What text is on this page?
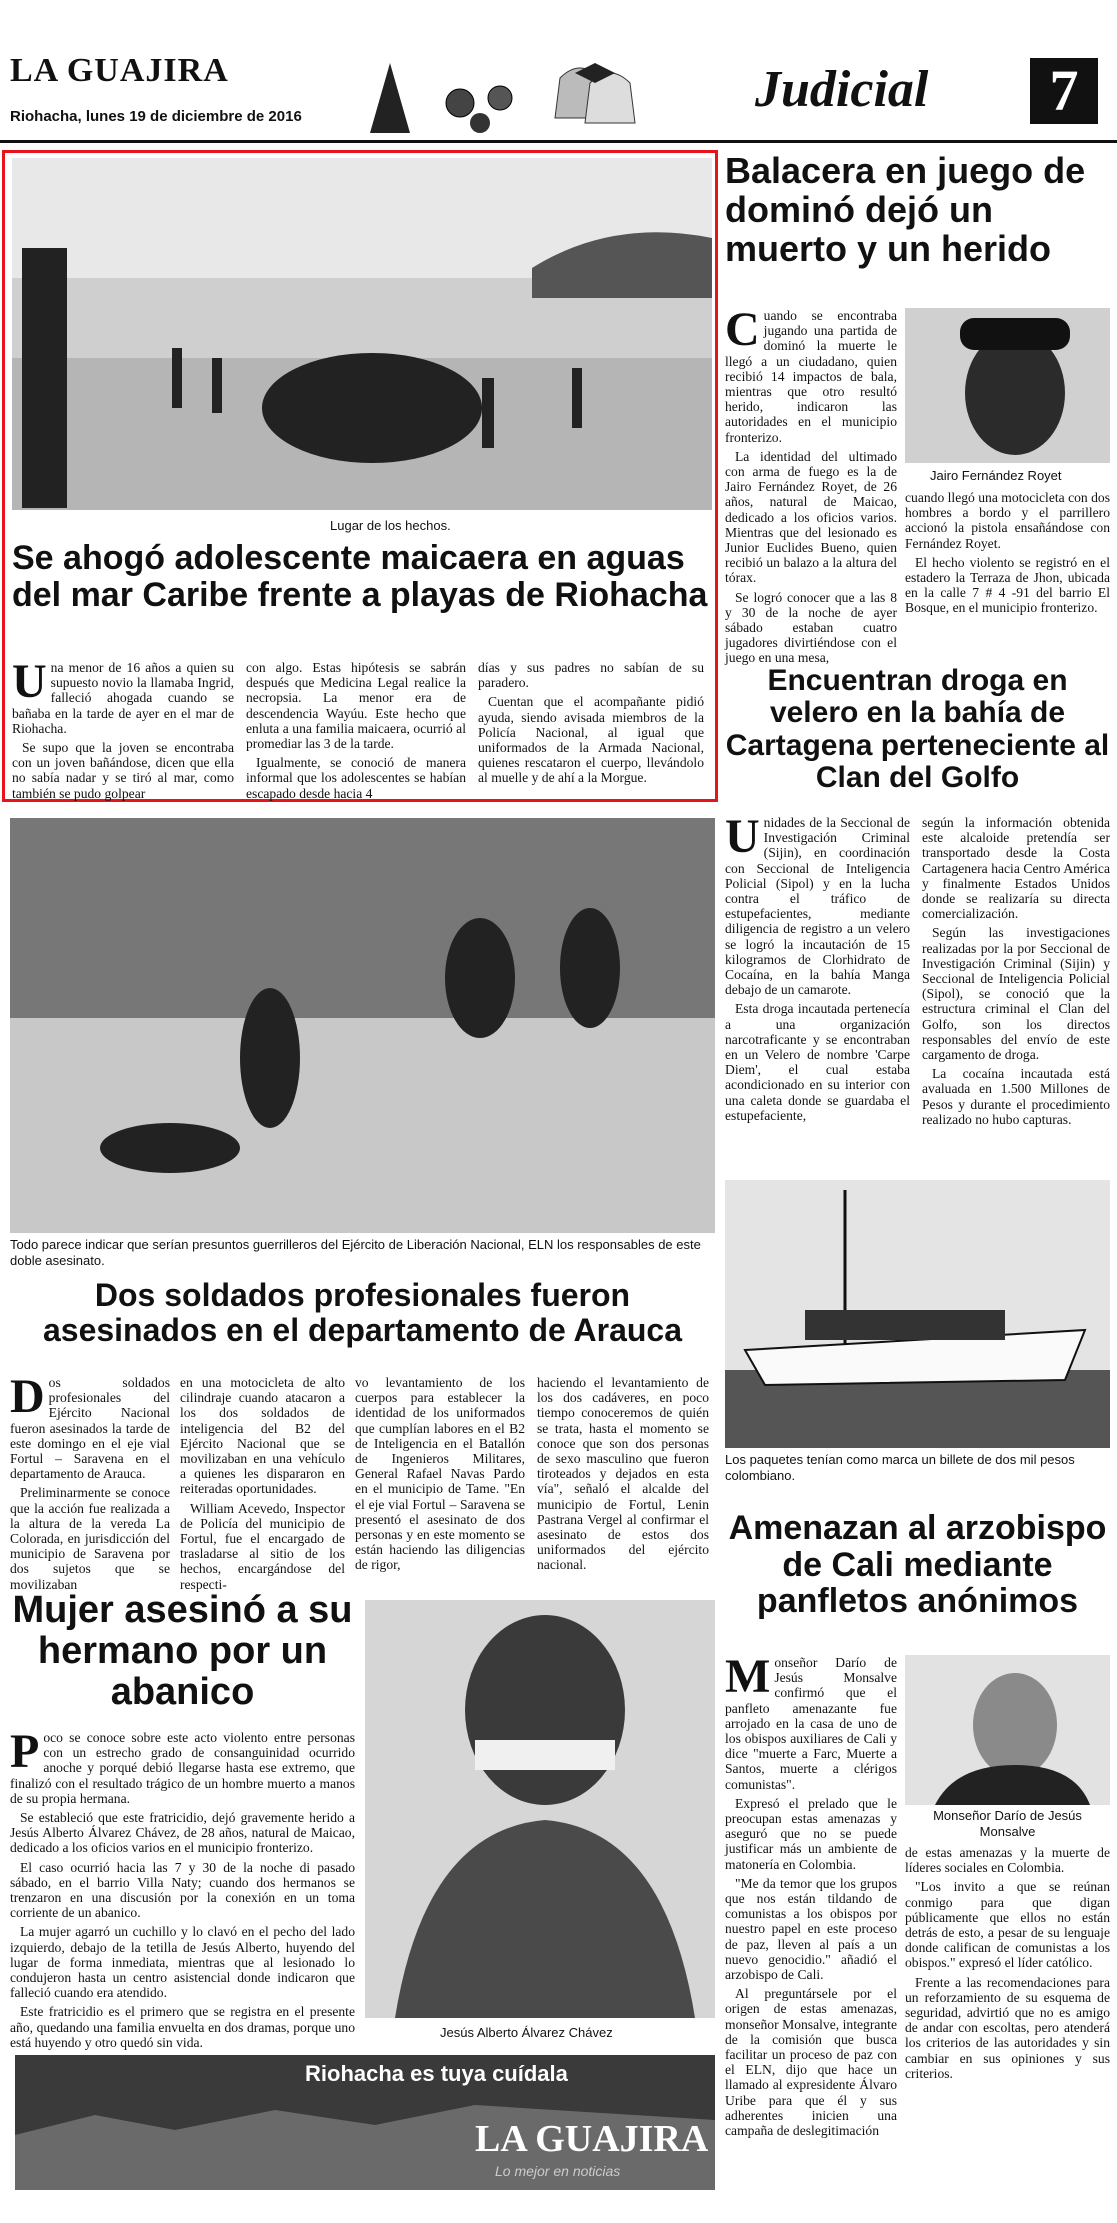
LA GUAJIRA
Riohacha, lunes 19 de diciembre de 2016	Judicial	7
Lugar de los hechos.
Se ahogó adolescente maicaera en aguas del mar Caribe frente a playas de Riohacha
U na menor de 16 años a quien su supuesto novio la llamaba Ingrid, falleció ahogada cuando se bañaba en la tarde de ayer en el mar de Riohacha.

Se supo que la joven se encontraba con un joven bañándose, dicen que ella no sabía nadar y se tiró al mar, como también se pudo golpear

con algo. Estas hipótesis se sabrán después que Medicina Legal realice la necropsia. La menor era de descendencia Wayúu. Este hecho que enluta a una familia maicaera, ocurrió al promediar las 3 de la tarde.

Igualmente, se conoció de manera informal que los adolescentes se habían escapado desde hacia 4

días y sus padres no sabían de su paradero.

Cuentan que el acompañante pidió ayuda, siendo avisada miembros de la Policía Nacional, al igual que uniformados de la Armada Nacional, quienes rescataron el cuerpo, llevándolo al muelle y de ahí a la Morgue.

Balacera en juego de dominó dejó un muerto y un herido
C uando se encontraba jugando una partida de dominó la muerte le llegó a un ciudadano, quien recibió 14 impactos de bala, mientras que otro resultó herido, indicaron las autoridades en el municipio fronterizo.

La identidad del ultimado con arma de fuego es la de Jairo Fernández Royet, de 26 años, natural de Maicao, dedicado a los oficios varios. Mientras que del lesionado es Junior Euclides Bueno, quien recibió un balazo a la altura del tórax.

Se logró conocer que a las 8 y 30 de la noche de ayer sábado estaban cuatro jugadores divirtiéndose con el juego en una mesa,

Jairo Fernández Royet

cuando llegó una motocicleta con dos hombres a bordo y el parrillero accionó la pistola ensañándose con Fernández Royet.

El hecho violento se registró en el estadero la Terraza de Jhon, ubicada en la calle 7 # 4 -91 del barrio El Bosque, en el municipio fronterizo.

Encuentran droga en velero en la bahía de Cartagena perteneciente al Clan del Golfo
U nidades de la Seccional de Investigación Criminal (Sijin), en coordinación con Seccional de Inteligencia Policial (Sipol) y en la lucha contra el tráfico de estupefacientes, mediante diligencia de registro a un velero se logró la incautación de 15 kilogramos de Clorhidrato de Cocaína, en la bahía Manga debajo de un camarote.

Esta droga incautada pertenecía a una organización narcotraficante y se encontraban en un Velero de nombre 'Carpe Diem', el cual estaba acondicionado en su interior con una caleta donde se guardaba el estupefaciente,

según la información obtenida este alcaloide pretendía ser transportado desde la Costa Cartagenera hacia Centro América y finalmente Estados Unidos donde se realizaría su directa comercialización.

Según las investigaciones realizadas por la por Seccional de Investigación Criminal (Sijin) y Seccional de Inteligencia Policial (Sipol), se conoció que la estructura criminal el Clan del Golfo, son los directos responsables del envío de este cargamento de droga.

La cocaína incautada está avaluada en 1.500 Millones de Pesos y durante el procedimiento realizado no hubo capturas.

Los paquetes tenían como marca un billete de dos mil pesos colombiano.
Todo parece indicar que serían presuntos guerrilleros del Ejército de Liberación Nacional, ELN los responsables de este doble asesinato.
Dos soldados profesionales fueron asesinados en el departamento de Arauca
D os soldados profesionales del Ejército Nacional fueron asesinados la tarde de este domingo en el eje vial Fortul – Saravena en el departamento de Arauca.

Preliminarmente se conoce que la acción fue realizada a la altura de la vereda La Colorada, en jurisdicción del municipio de Saravena por dos sujetos que se movilizaban

en una motocicleta de alto cilindraje cuando atacaron a los dos soldados de inteligencia del B2 del Ejército Nacional que se movilizaban en una vehículo a quienes les dispararon en reiteradas oportunidades.

William Acevedo, Inspector de Policía del municipio de Fortul, fue el encargado de trasladarse al sitio de los hechos, encargándose del respecti-

vo levantamiento de los cuerpos para establecer la identidad de los uniformados que cumplían labores en el B2 de Inteligencia en el Batallón de Ingenieros Militares, General Rafael Navas Pardo en el municipio de Tame. "En el eje vial Fortul – Saravena se presentó el asesinato de dos personas y en este momento se están haciendo las diligencias de rigor,

haciendo el levantamiento de los dos cadáveres, en poco tiempo conoceremos de quién se trata, hasta el momento se conoce que son dos personas de sexo masculino que fueron tiroteados y dejados en esta vía", señaló el alcalde del municipio de Fortul, Lenin Pastrana Vergel al confirmar el asesinato de estos dos uniformados del ejército nacional.

Mujer asesinó a su hermano por un abanico
P oco se conoce sobre este acto violento entre personas con un estrecho grado de consanguinidad ocurrido anoche y porqué debió llegarse hasta ese extremo, que finalizó con el resultado trágico de un hombre muerto a manos de su propia hermana.

Se estableció que este fratricidio, dejó gravemente herido a Jesús Alberto Álvarez Chávez, de 28 años, natural de Maicao, dedicado a los oficios varios en el municipio fronterizo.

El caso ocurrió hacia las 7 y 30 de la noche di pasado sábado, en el barrio Villa Naty; cuando dos hermanos se trenzaron en una discusión por la conexión en un toma corriente de un abanico.

La mujer agarró un cuchillo y lo clavó en el pecho del lado izquierdo, debajo de la tetilla de Jesús Alberto, huyendo del lugar de forma inmediata, mientras que al lesionado lo condujeron hasta un centro asistencial donde indicaron que falleció cuando era atendido.

Este fratricidio es el primero que se registra en el presente año, quedando una familia envuelta en dos dramas, porque uno está huyendo y otro quedó sin vida.

Jesús Alberto Álvarez Chávez
Riohacha es tuya cuídala
LA GUAJIRA
Lo mejor en noticias
Amenazan al arzobispo de Cali mediante panfletos anónimos
M onseñor Darío de Jesús Monsalve confirmó que el panfleto amenazante fue arrojado en la casa de uno de los obispos auxiliares de Cali y dice "muerte a Farc, Muerte a Santos, muerte a clérigos comunistas".

Expresó el prelado que le preocupan estas amenazas y aseguró que no se puede justificar más un ambiente de matonería en Colombia.

"Me da temor que los grupos que nos están tildando de comunistas a los obispos por nuestro papel en este proceso de paz, lleven al país a un nuevo genocidio." añadió el arzobispo de Cali.

Al preguntársele por el origen de estas amenazas, monseñor Monsalve, integrante de la comisión que busca facilitar un proceso de paz con el ELN, dijo que hace un llamado al expresidente Álvaro Uribe para que él y sus adherentes inicien una campaña de deslegitimación

Monseñor Darío de Jesús Monsalve

de estas amenazas y la muerte de líderes sociales en Colombia.

"Los invito a que se reúnan conmigo para que digan públicamente que ellos no están detrás de esto, a pesar de su lenguaje donde califican de comunistas a los obispos." expresó el líder católico.

Frente a las recomendaciones para un reforzamiento de su esquema de seguridad, advirtió que no es amigo de andar con escoltas, pero atenderá los criterios de las autoridades y sin cambiar en sus opiniones y sus criterios.
